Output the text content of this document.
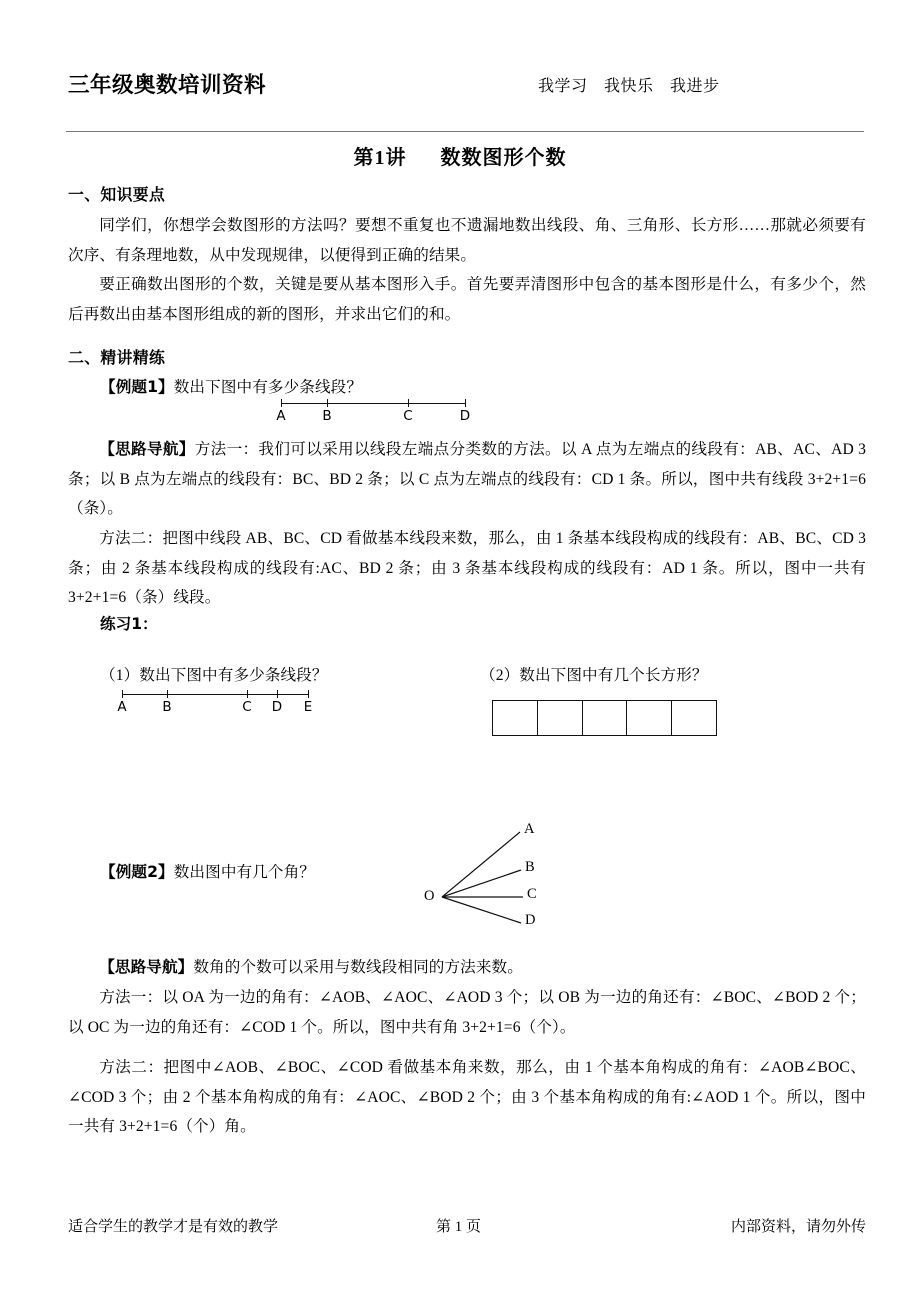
三年级奥数培训资料	我学习　我快乐　我进步
第1讲 数数图形个数
一、知识要点
同学们，你想学会数图形的方法吗？要想不重复也不遗漏地数出线段、角、三角形、长方形……那就必须要有次序、有条理地数，从中发现规律，以便得到正确的结果。
要正确数出图形的个数，关键是要从基本图形入手。首先要弄清图形中包含的基本图形是什么，有多少个，然后再数出由基本图形组成的新的图形，并求出它们的和。
二、精讲精练
【例题1】数出下图中有多少条线段？
A	B	C	D
【思路导航】方法一：我们可以采用以线段左端点分类数的方法。以 A 点为左端点的线段有：AB、AC、AD 3 条；以 B 点为左端点的线段有：BC、BD 2 条；以 C 点为左端点的线段有：CD 1 条。所以，图中共有线段 3+2+1=6（条）。
方法二：把图中线段 AB、BC、CD 看做基本线段来数，那么，由 1 条基本线段构成的线段有：AB、BC、CD 3 条；由 2 条基本线段构成的线段有:AC、BD 2 条；由 3 条基本线段构成的线段有：AD 1 条。所以，图中一共有 3+2+1=6（条）线段。
练习1：
（1）数出下图中有多少条线段？	（2）数出下图中有几个长方形？
A	B	C D E
【例题2】数出图中有几个角？
O
A
B
C
D
【思路导航】数角的个数可以采用与数线段相同的方法来数。
方法一：以 OA 为一边的角有：∠AOB、∠AOC、∠AOD 3 个；以 OB 为一边的角还有：∠BOC、∠BOD 2 个；以 OC 为一边的角还有：∠COD 1 个。所以，图中共有角 3+2+1=6（个）。
方法二：把图中∠AOB、∠BOC、∠COD 看做基本角来数，那么，由 1 个基本角构成的角有：∠AOB∠BOC、∠COD 3 个；由 2 个基本角构成的角有：∠AOC、∠BOD 2 个；由 3 个基本角构成的角有:∠AOD 1 个。所以，图中一共有 3+2+1=6（个）角。
适合学生的教学才是有效的教学	第 1 页	内部资料，请勿外传
